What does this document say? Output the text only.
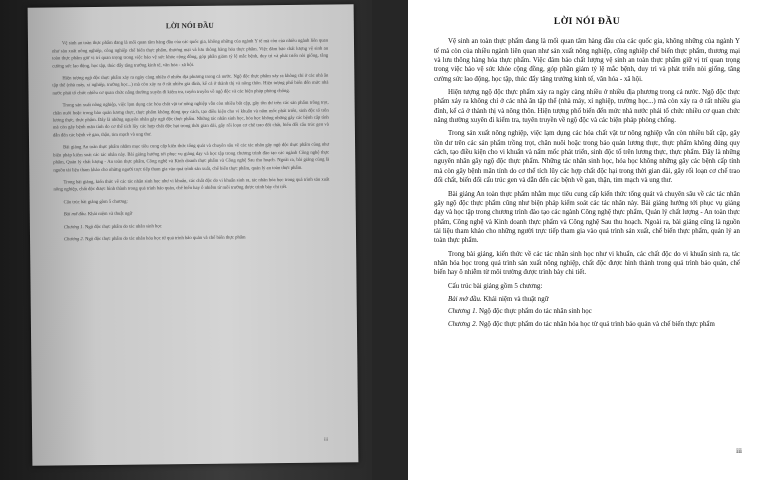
LỜI NÓI ĐẦU

Vệ sinh an toàn thực phẩm đang là mối quan tâm hàng đầu của các quốc gia, không những của ngành Y tế mà còn của nhiều ngành liên quan như sản xuất nông nghiệp, công nghiệp chế biến thực phẩm, thương mại và lưu thông hàng hóa thực phẩm. Việc đảm bảo chất lượng vệ sinh an toàn thực phẩm giữ vị trí quan trọng trong việc bảo vệ sức khỏe cộng đồng, góp phần giảm tỷ lệ mắc bệnh, duy trì và phát triển nòi giống, tăng cường sức lao động, học tập, thúc đẩy tăng trưởng kinh tế, văn hóa - xã hội.

Hiện tượng ngộ độc thực phẩm xảy ra ngày càng nhiều ở nhiều địa phương trong cả nước. Ngộ độc thực phẩm xảy ra không chỉ ở các nhà ăn tập thể (nhà máy, xí nghiệp, trường học...) mà còn xảy ra ở rất nhiều gia đình, kể cả ở thành thị và nông thôn. Hiện tượng phổ biến đến mức nhà nước phải tổ chức nhiều cơ quan chức năng thường xuyên đi kiểm tra, tuyên truyền về ngộ độc và các biện pháp phòng chống.

Trong sản xuất nông nghiệp, việc lạm dụng các hóa chất vật tư nông nghiệp vẫn còn nhiều bất cập, gây tồn dư trên các sản phẩm trồng trọt, chăn nuôi hoặc trong bảo quản lương thực, thực phẩm không đúng quy cách, tạo điều kiện cho vi khuẩn và nấm mốc phát triển, sinh độc tố trên lương thực, thực phẩm. Đây là những nguyên nhân gây ngộ độc thực phẩm. Những tác nhân sinh học, hóa học không những gây các bệnh cấp tính mà còn gây bệnh mãn tính do cơ thể tích lũy các hợp chất độc hại trong thời gian dài, gây rối loạn cơ chế trao đổi chất, biến đổi cấu trúc gen và dẫn đến các bệnh về gan, thận, tim mạch và ung thư.

Bài giảng An toàn thực phẩm nhằm mục tiêu cung cấp kiến thức tổng quát và chuyên sâu về các tác nhân gây ngộ độc thực phẩm cũng như biện pháp kiểm soát các tác nhân này. Bài giảng hướng tới phục vụ giảng dạy và học tập trong chương trình đào tạo các ngành Công nghệ thực phẩm, Quản lý chất lượng - An toàn thực phẩm, Công nghệ và Kinh doanh thực phẩm và Công nghệ Sau thu hoạch. Ngoài ra, bài giảng cũng là nguồn tài liệu tham khảo cho những người trực tiếp tham gia vào quá trình sản xuất, chế biến thực phẩm, quản lý an toàn thực phẩm.

Trong bài giảng, kiến thức về các tác nhân sinh học như vi khuẩn, các chất độc do vi khuẩn sinh ra, tác nhân hóa học trong quá trình sản xuất nông nghiệp, chất độc được hình thành trong quá trình bảo quản, chế biến hay ô nhiễm từ môi trường được trình bày chi tiết.

Cấu trúc bài giảng gồm 5 chương:

Bài mở đầu. Khái niệm và thuật ngữ

Chương 1. Ngộ độc thực phẩm do tác nhân sinh học

Chương 2. Ngộ độc thực phẩm do tác nhân hóa học từ quá trình bảo quản và chế biến thực phẩm

iii
LỜI NÓI ĐẦU

Vệ sinh an toàn thực phẩm đang là mối quan tâm hàng đầu của các quốc gia, không những của ngành Y tế mà còn của nhiều ngành liên quan như sản xuất nông nghiệp, công nghiệp chế biến thực phẩm, thương mại và lưu thông hàng hóa thực phẩm. Việc đảm bảo chất lượng vệ sinh an toàn thực phẩm giữ vị trí quan trọng trong việc bảo vệ sức khỏe cộng đồng, góp phần giảm tỷ lệ mắc bệnh, duy trì và phát triển nòi giống, tăng cường sức lao động, học tập, thúc đẩy tăng trưởng kinh tế, văn hóa - xã hội.

Hiện tượng ngộ độc thực phẩm xảy ra ngày càng nhiều ở nhiều địa phương trong cả nước. Ngộ độc thực phẩm xảy ra không chỉ ở các nhà ăn tập thể (nhà máy, xí nghiệp, trường học...) mà còn xảy ra ở rất nhiều gia đình, kể cả ở thành thị và nông thôn. Hiện tượng phổ biến đến mức nhà nước phải tổ chức nhiều cơ quan chức năng thường xuyên đi kiểm tra, tuyên truyền về ngộ độc và các biện pháp phòng chống.

Trong sản xuất nông nghiệp, việc lạm dụng các hóa chất vật tư nông nghiệp vẫn còn nhiều bất cập, gây tồn dư trên các sản phẩm trồng trọt, chăn nuôi hoặc trong bảo quản lương thực, thực phẩm không đúng quy cách, tạo điều kiện cho vi khuẩn và nấm mốc phát triển, sinh độc tố trên lương thực, thực phẩm. Đây là những nguyên nhân gây ngộ độc thực phẩm. Những tác nhân sinh học, hóa học không những gây các bệnh cấp tính mà còn gây bệnh mãn tính do cơ thể tích lũy các hợp chất độc hại trong thời gian dài, gây rối loạn cơ chế trao đổi chất, biến đổi cấu trúc gen và dẫn đến các bệnh về gan, thận, tim mạch và ung thư.

Bài giảng An toàn thực phẩm nhằm mục tiêu cung cấp kiến thức tổng quát và chuyên sâu về các tác nhân gây ngộ độc thực phẩm cũng như biện pháp kiểm soát các tác nhân này. Bài giảng hướng tới phục vụ giảng dạy và học tập trong chương trình đào tạo các ngành Công nghệ thực phẩm, Quản lý chất lượng - An toàn thực phẩm, Công nghệ và Kinh doanh thực phẩm và Công nghệ Sau thu hoạch. Ngoài ra, bài giảng cũng là nguồn tài liệu tham khảo cho những người trực tiếp tham gia vào quá trình sản xuất, chế biến thực phẩm, quản lý an toàn thực phẩm.

Trong bài giảng, kiến thức về các tác nhân sinh học như vi khuẩn, các chất độc do vi khuẩn sinh ra, tác nhân hóa học trong quá trình sản xuất nông nghiệp, chất độc được hình thành trong quá trình bảo quản, chế biến hay ô nhiễm từ môi trường được trình bày chi tiết.

Cấu trúc bài giảng gồm 5 chương:

Bài mở đầu. Khái niệm và thuật ngữ

Chương 1. Ngộ độc thực phẩm do tác nhân sinh học

Chương 2. Ngộ độc thực phẩm do tác nhân hóa học từ quá trình bảo quản và chế biến thực phẩm

iii
